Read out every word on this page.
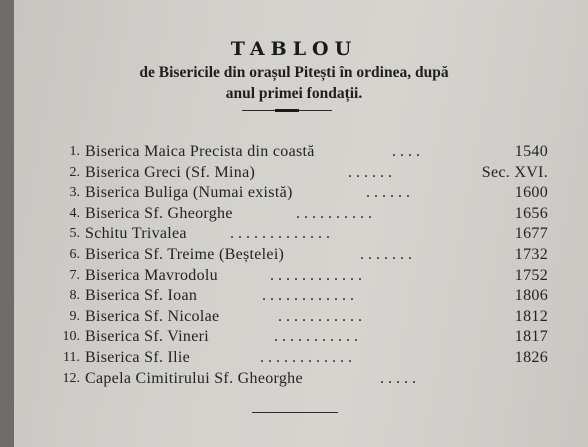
TABLOU
de Bisericile din orașul Pitești în ordinea, după
anul primei fondații.
1. Biserica Maica Precista din coastă	. . . .	1540
2. Biserica Greci (Sf. Mina)	. . . . . .	Sec. XVI.
3. Biserica Buliga (Numai există)	. . . . . .	1600
4. Biserica Sf. Gheorghe	. . . . . . . . . .	1656
5. Schitu Trivalea	. . . . . . . . . . . . .	1677
6. Biserica Sf. Treime (Beștelei)	. . . . . . .	1732
7. Biserica Mavrodolu	. . . . . . . . . . . .	1752
8. Biserica Sf. Ioan	. . . . . . . . . . . .	1806
9. Biserica Sf. Nicolae	. . . . . . . . . . .	1812
10. Biserica Sf. Vineri	. . . . . . . . . . .	1817
11. Biserica Sf. Ilie	. . . . . . . . . . . .	1826
12. Capela Cimitirului Sf. Gheorghe	. . . . .
